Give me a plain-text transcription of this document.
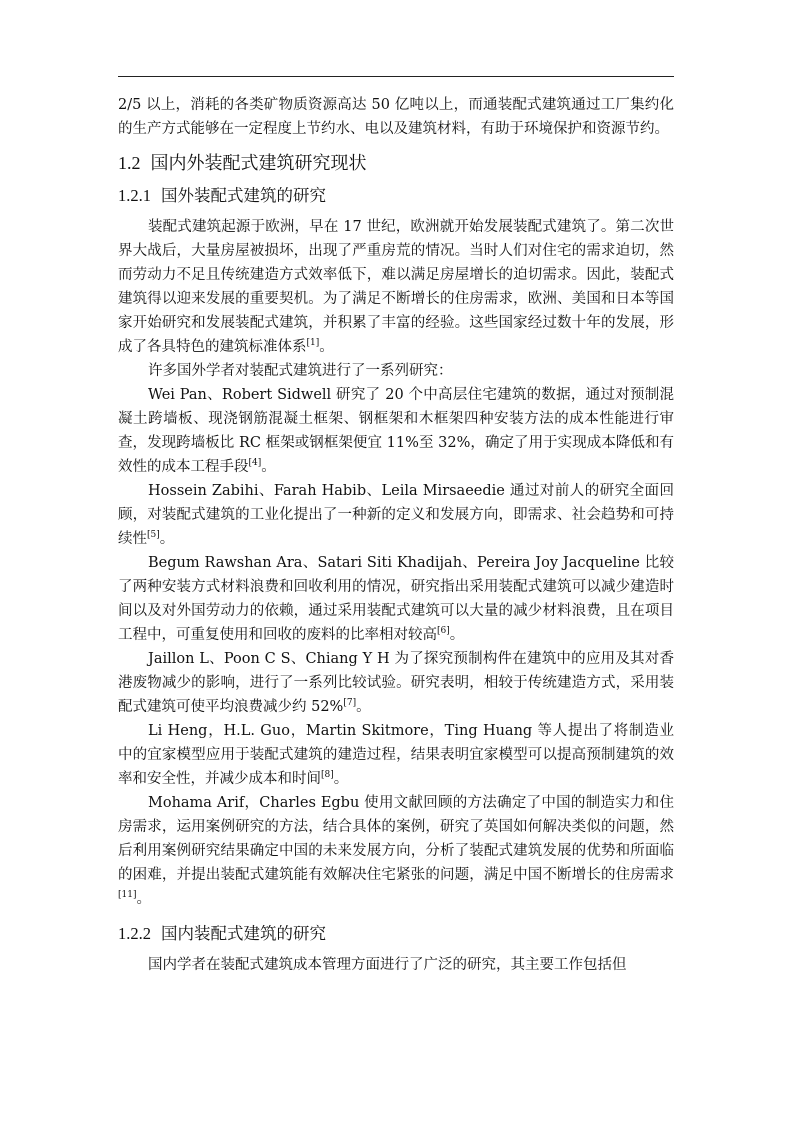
2/5 以上，消耗的各类矿物质资源高达 50 亿吨以上，而通装配式建筑通过工厂集约化的生产方式能够在一定程度上节约水、电以及建筑材料，有助于环境保护和资源节约。

1.2 国内外装配式建筑研究现状
1.2.1 国外装配式建筑的研究

装配式建筑起源于欧洲，早在 17 世纪，欧洲就开始发展装配式建筑了。第二次世界大战后，大量房屋被损坏，出现了严重房荒的情况。当时人们对住宅的需求迫切，然而劳动力不足且传统建造方式效率低下，难以满足房屋增长的迫切需求。因此，装配式建筑得以迎来发展的重要契机。为了满足不断增长的住房需求，欧洲、美国和日本等国家开始研究和发展装配式建筑，并积累了丰富的经验。这些国家经过数十年的发展，形成了各具特色的建筑标准体系[1]。

许多国外学者对装配式建筑进行了一系列研究：

Wei Pan、Robert Sidwell 研究了 20 个中高层住宅建筑的数据，通过对预制混凝土跨墙板、现浇钢筋混凝土框架、钢框架和木框架四种安装方法的成本性能进行审查，发现跨墙板比 RC 框架或钢框架便宜 11%至 32%，确定了用于实现成本降低和有效性的成本工程手段[4]。

Hossein Zabihi、Farah Habib、Leila Mirsaeedie 通过对前人的研究全面回顾，对装配式建筑的工业化提出了一种新的定义和发展方向，即需求、社会趋势和可持续性[5]。

Begum Rawshan Ara、Satari Siti Khadijah、Pereira Joy Jacqueline 比较了两种安装方式材料浪费和回收利用的情况，研究指出采用装配式建筑可以减少建造时间以及对外国劳动力的依赖，通过采用装配式建筑可以大量的减少材料浪费，且在项目工程中，可重复使用和回收的废料的比率相对较高[6]。

Jaillon L、Poon C S、Chiang Y H 为了探究预制构件在建筑中的应用及其对香港废物减少的影响，进行了一系列比较试验。研究表明，相较于传统建造方式，采用装配式建筑可使平均浪费减少约 52%[7]。

Li Heng，H.L. Guo，Martin Skitmore，Ting Huang 等人提出了将制造业中的宜家模型应用于装配式建筑的建造过程，结果表明宜家模型可以提高预制建筑的效率和安全性，并减少成本和时间[8]。

Mohama Arif，Charles Egbu 使用文献回顾的方法确定了中国的制造实力和住房需求，运用案例研究的方法，结合具体的案例，研究了英国如何解决类似的问题，然后利用案例研究结果确定中国的未来发展方向，分析了装配式建筑发展的优势和所面临的困难，并提出装配式建筑能有效解决住宅紧张的问题，满足中国不断增长的住房需求[11]。

1.2.2 国内装配式建筑的研究

国内学者在装配式建筑成本管理方面进行了广泛的研究，其主要工作包括但
